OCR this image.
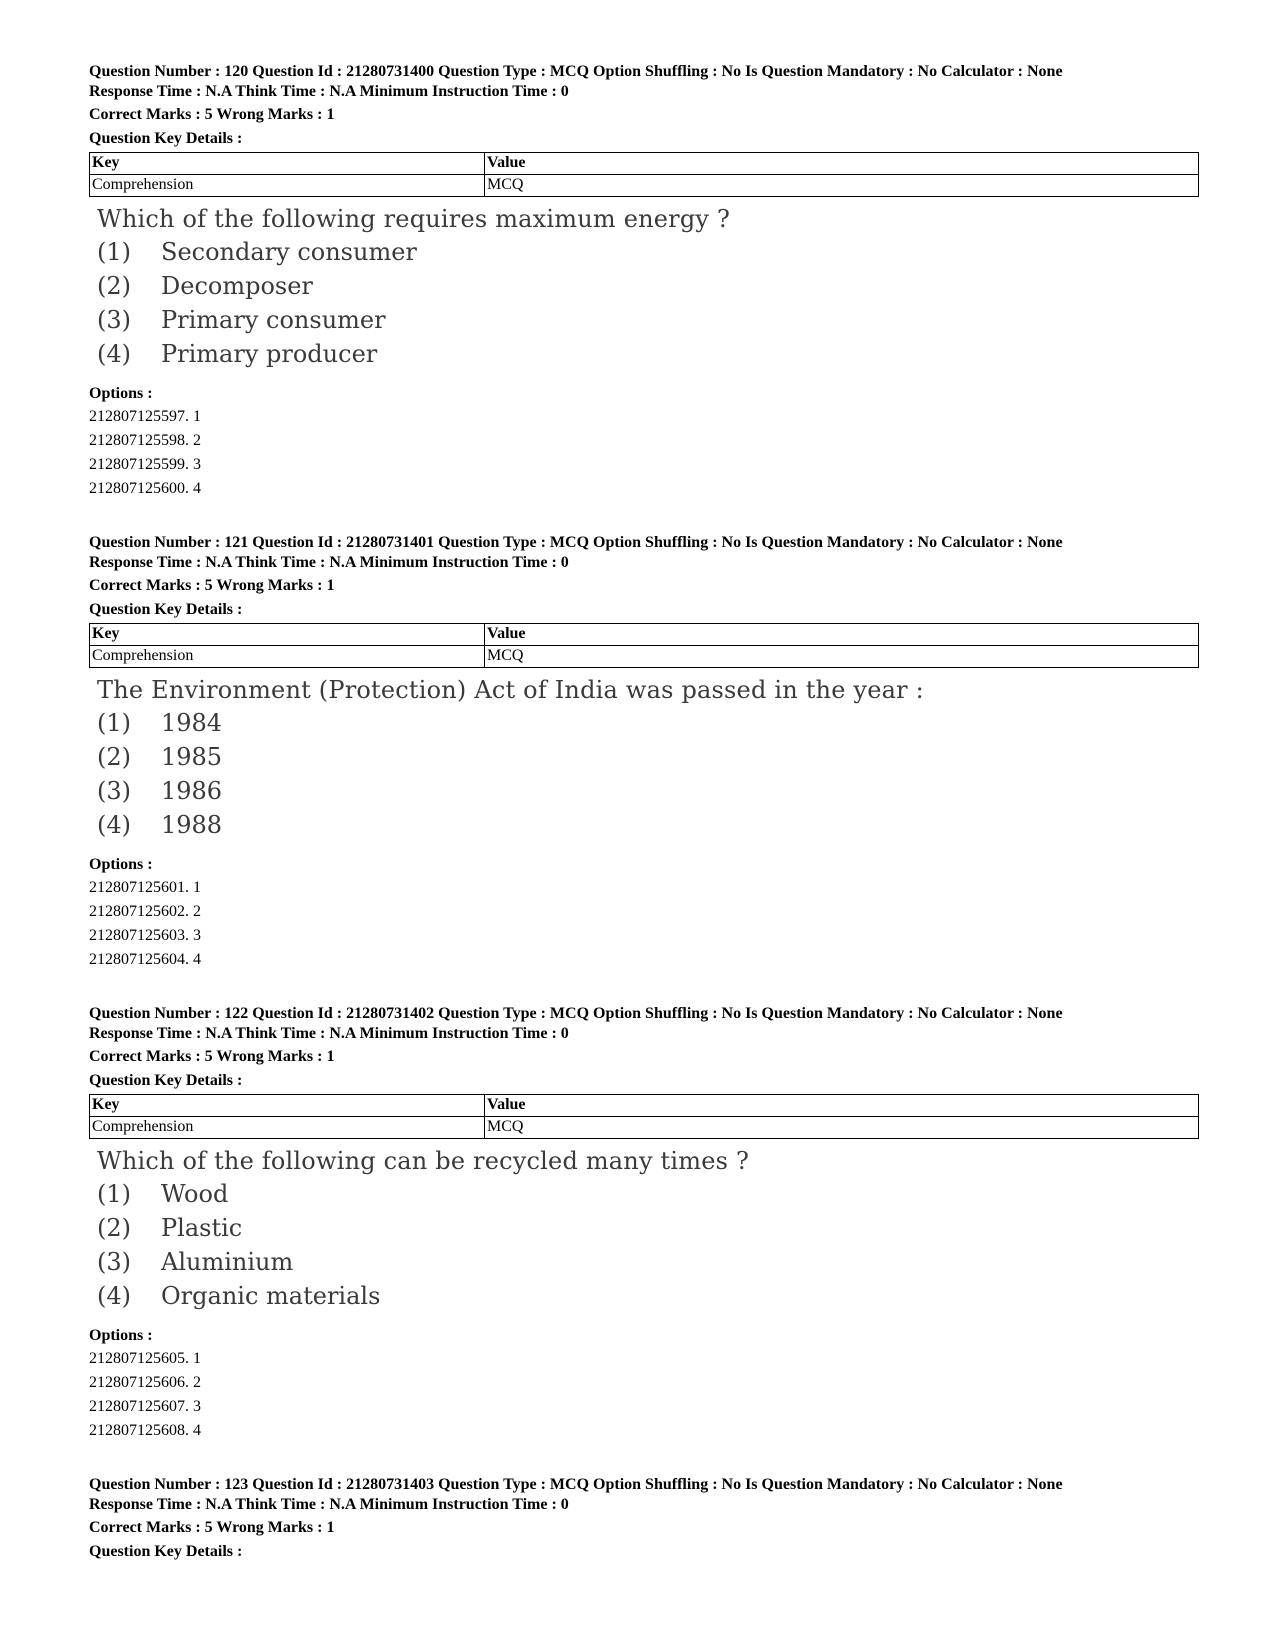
Question Number : 120 Question Id : 21280731400 Question Type : MCQ Option Shuffling : No Is Question Mandatory : No Calculator : None
Response Time : N.A Think Time : N.A Minimum Instruction Time : 0
Correct Marks : 5 Wrong Marks : 1
Question Key Details :
Key	Value
Comprehension	MCQ
Which of the following requires maximum energy ?
(1)	Secondary consumer
(2)	Decomposer
(3)	Primary consumer
(4)	Primary producer
Options :
212807125597. 1
212807125598. 2
212807125599. 3
212807125600. 4
Question Number : 121 Question Id : 21280731401 Question Type : MCQ Option Shuffling : No Is Question Mandatory : No Calculator : None
Response Time : N.A Think Time : N.A Minimum Instruction Time : 0
Correct Marks : 5 Wrong Marks : 1
Question Key Details :
Key	Value
Comprehension	MCQ
The Environment (Protection) Act of India was passed in the year :
(1)	1984
(2)	1985
(3)	1986
(4)	1988
Options :
212807125601. 1
212807125602. 2
212807125603. 3
212807125604. 4
Question Number : 122 Question Id : 21280731402 Question Type : MCQ Option Shuffling : No Is Question Mandatory : No Calculator : None
Response Time : N.A Think Time : N.A Minimum Instruction Time : 0
Correct Marks : 5 Wrong Marks : 1
Question Key Details :
Key	Value
Comprehension	MCQ
Which of the following can be recycled many times ?
(1)	Wood
(2)	Plastic
(3)	Aluminium
(4)	Organic materials
Options :
212807125605. 1
212807125606. 2
212807125607. 3
212807125608. 4
Question Number : 123 Question Id : 21280731403 Question Type : MCQ Option Shuffling : No Is Question Mandatory : No Calculator : None
Response Time : N.A Think Time : N.A Minimum Instruction Time : 0
Correct Marks : 5 Wrong Marks : 1
Question Key Details :
